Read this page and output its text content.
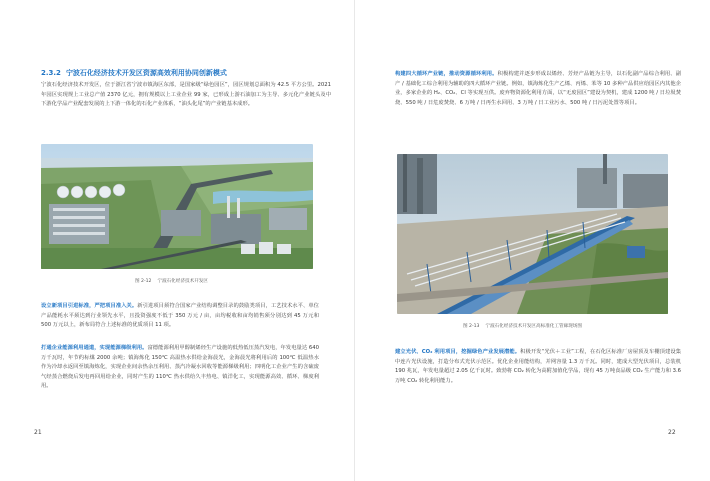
2.3.2 宁波石化经济技术开发区资源高效利用协同创新模式

宁波石化经济技术开发区，位于浙江省宁波市镇海区东部，是国家级“绿色园区”，园区规划总面积为 42.5 平方公里。2021 年园区实现规上工业总产值 2370 亿元，拥有规模以上工业企业 99 家，已形成上游石油加工为主导、多元化产业链头及中下游化学品产业配套发展的上下游一体化的石化产业体系，“油头化尾”的产业链基本成形。

图 2-12 宁波石化经济技术开发区

设立新项目引进标准，严把项目准入关。新引进项目须符合国家产业结构调整目录的鼓励类项目，工艺技术水平、单位产品能耗水平须达到行业领先水平，且投资强度不低于 350 万元 / 亩，亩均税收和亩均销售须分别达到 45 万元和 500 万元以上，新布局符合上述标准的优质项目 11 项。

打通企业能源利用通道，实现能源梯级利用。富德能源利用甲醇制烯烃生产设施的低热低压蒸汽发电，年发电量达 640 万千瓦时，年节约标煤 2000 余吨；镇海炼化 150℃ 高温热水供给金海晨光，金海晨光将利用后的 100℃ 低温热水作为冷却水返回至镇海炼化，实现企业间余热余压利用、蒸汽冷凝水回收等能源梯级利用；四明化工企业产生的含硫废气经蒸合燃烧后发电再回用给企业，同时产生的 110℃ 热水供给久丰热电、镇洋化工，实现能源高效、循环、梯度利用。

21

构建四大循环产业链，推动资源循环利用。积极构建并逐步形成以烯烃、芳烃产品链为主导，以石化副产品综合利用、副产 / 基础化工综合利用为辅助的四大循环产业链。例如，镇海炼化生产乙烯、丙烯、苯等 10 多种产品供应给园区内其他企业，多家企业的 H₂、CO₂、Cl 等实现互供。废弃物资源化利用方面，以“无废园区”建设为契机，建成 1200 吨 / 日垃圾焚烧、550 吨 / 日危废焚烧、6 万吨 / 日再生水回用、3 万吨 / 日工业污水、500 吨 / 日污泥处置等项目。

图 2-13 宁波石化经济技术开发区高标准化工管廊现场图

建立光伏、CO₂ 利用项目，挖掘绿色产业发展潜能。积极开发“光伏＋工业”工程，在石化区标准厂房屋顶及车棚顶建设集中连片光伏设施，打造分布式光伏示范区。优化企业用能结构，并网容量 1.3 万千瓦。同时，建成大型光伏项目，总装机 190 兆瓦，年发电量超过 2.05 亿千瓦时。致勃将 CO₂ 转化为高附加值化学品，现有 45 万吨食品级 CO₂ 生产能力和 3.6 万吨 CO₂ 转化利用能力。

22
